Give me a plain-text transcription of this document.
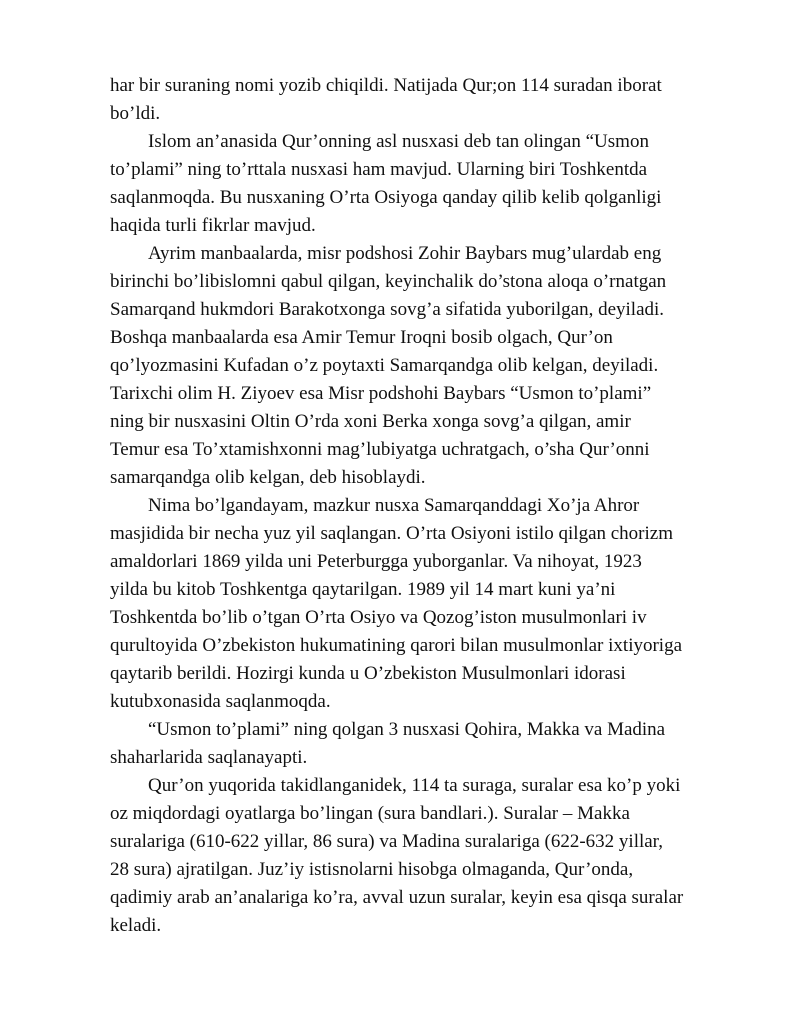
har bir suraning nomi yozib chiqildi. Natijada Qur;on 114 suradan iborat
bo’ldi.
Islom an’anasida Qur’onning asl nusxasi deb tan olingan “Usmon
to’plami” ning to’rttala nusxasi ham mavjud. Ularning biri Toshkentda
saqlanmoqda. Bu nusxaning O’rta Osiyoga qanday qilib kelib qolganligi
haqida turli fikrlar mavjud.
Ayrim manbaalarda, misr podshosi Zohir Baybars mug’ulardab eng
birinchi bo’libislomni qabul qilgan, keyinchalik do’stona aloqa o’rnatgan
Samarqand hukmdori Barakotxonga sovg’a sifatida yuborilgan, deyiladi.
Boshqa manbaalarda esa Amir Temur Iroqni bosib olgach, Qur’on
qo’lyozmasini Kufadan o’z poytaxti Samarqandga olib kelgan, deyiladi.
Tarixchi olim H. Ziyoev esa Misr podshohi Baybars “Usmon to’plami”
ning bir nusxasini Oltin O’rda xoni Berka xonga sovg’a qilgan, amir
Temur esa To’xtamishxonni mag’lubiyatga uchratgach, o’sha Qur’onni
samarqandga olib kelgan, deb hisoblaydi.
Nima bo’lgandayam, mazkur nusxa Samarqanddagi Xo’ja Ahror
masjidida bir necha yuz yil saqlangan. O’rta Osiyoni istilo qilgan chorizm
amaldorlari 1869 yilda uni Peterburgga yuborganlar. Va nihoyat, 1923
yilda bu kitob Toshkentga qaytarilgan. 1989 yil 14 mart kuni ya’ni
Toshkentda bo’lib o’tgan O’rta Osiyo va Qozog’iston musulmonlari iv
qurultoyida O’zbekiston hukumatining qarori bilan musulmonlar ixtiyoriga
qaytarib berildi. Hozirgi kunda u O’zbekiston Musulmonlari idorasi
kutubxonasida saqlanmoqda.
“Usmon to’plami” ning qolgan 3 nusxasi Qohira, Makka va Madina
shaharlarida saqlanayapti.
Qur’on yuqorida takidlanganidek, 114 ta suraga, suralar esa ko’p yoki
oz miqdordagi oyatlarga bo’lingan (sura bandlari.). Suralar – Makka
suralariga (610-622 yillar, 86 sura) va Madina suralariga (622-632 yillar,
28 sura) ajratilgan. Juz’iy istisnolarni hisobga olmaganda, Qur’onda,
qadimiy arab an’analariga ko’ra, avval uzun suralar, keyin esa qisqa suralar
keladi.
